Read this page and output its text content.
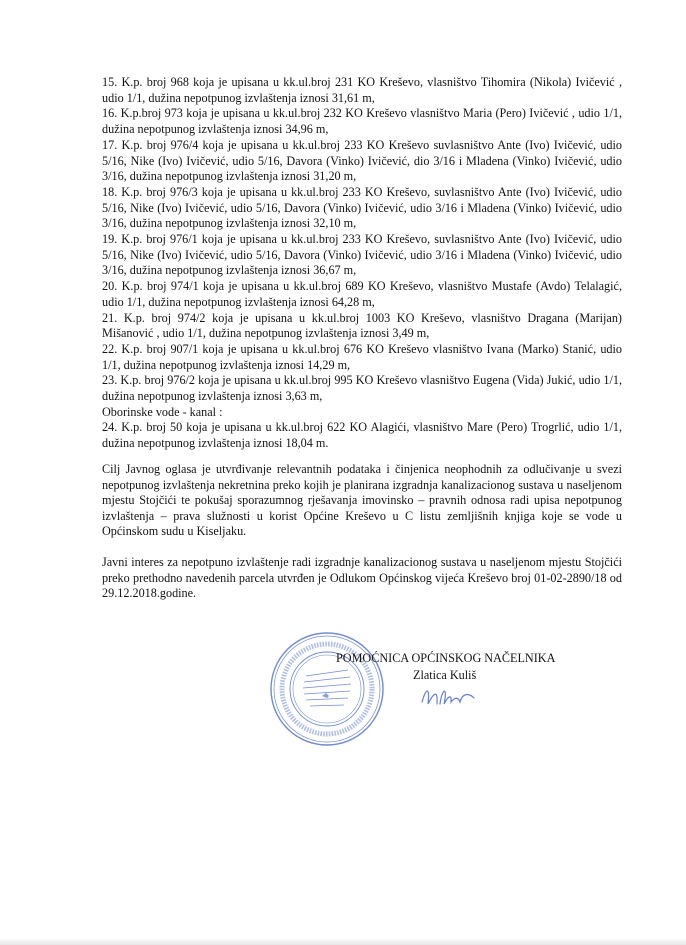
15. K.p. broj 968 koja je upisana u kk.ul.broj 231 KO Kreševo, vlasništvo Tihomira (Nikola) Ivičević , udio 1/1, dužina nepotpunog izvlaštenja iznosi 31,61 m,

16. K.p.broj 973 koja je upisana u kk.ul.broj 232 KO Kreševo vlasništvo Maria (Pero) Ivičević , udio 1/1, dužina nepotpunog izvlaštenja iznosi 34,96 m,

17. K.p. broj 976/4 koja je upisana u kk.ul.broj 233 KO Kreševo suvlasništvo Ante (Ivo) Ivičević, udio 5/16, Nike (Ivo) Ivičević, udio 5/16, Davora (Vinko) Ivičević, dio 3/16 i Mladena (Vinko) Ivičević, udio 3/16, dužina nepotpunog izvlaštenja iznosi 31,20 m,

18. K.p. broj 976/3 koja je upisana u kk.ul.broj 233 KO Kreševo, suvlasništvo Ante (Ivo) Ivičević, udio 5/16, Nike (Ivo) Ivičević, udio 5/16, Davora (Vinko) Ivičević, udio 3/16 i Mladena (Vinko) Ivičević, udio 3/16, dužina nepotpunog izvlaštenja iznosi 32,10 m,

19. K.p. broj 976/1 koja je upisana u kk.ul.broj 233 KO Kreševo, suvlasništvo Ante (Ivo) Ivičević, udio 5/16, Nike (Ivo) Ivičević, udio 5/16, Davora (Vinko) Ivičević, udio 3/16 i Mladena (Vinko) Ivičević, udio 3/16, dužina nepotpunog izvlaštenja iznosi 36,67 m,

20. K.p. broj 974/1 koja je upisana u kk.ul.broj 689 KO Kreševo, vlasništvo Mustafe (Avdo) Telalagić, udio 1/1, dužina nepotpunog izvlaštenja iznosi 64,28 m,

21. K.p. broj 974/2 koja je upisana u kk.ul.broj 1003 KO Kreševo, vlasništvo Dragana (Marijan) Mišanović , udio 1/1, dužina nepotpunog izvlaštenja iznosi 3,49 m,

22. K.p. broj 907/1 koja je upisana u kk.ul.broj 676 KO Kreševo vlasništvo Ivana (Marko) Stanić, udio 1/1, dužina nepotpunog izvlaštenja iznosi 14,29 m,

23. K.p. broj 976/2 koja je upisana u kk.ul.broj 995 KO Kreševo vlasništvo Eugena (Vida) Jukić, udio 1/1, dužina nepotpunog izvlaštenja iznosi 3,63 m,

Oborinske vode - kanal :

24. K.p. broj 50 koja je upisana u kk.ul.broj 622 KO Alagići, vlasništvo Mare (Pero) Trogrlić, udio 1/1, dužina nepotpunog izvlaštenja iznosi 18,04 m.

Cilj Javnog oglasa je utvrđivanje relevantnih podataka i činjenica neophodnih za odlučivanje u svezi nepotpunog izvlaštenja nekretnina preko kojih je planirana izgradnja kanalizacionog sustava u naseljenom mjestu Stojčići te pokušaj sporazumnog rješavanja imovinsko – pravnih odnosa radi upisa nepotpunog izvlaštenja – prava služnosti u korist Općine Kreševo u C listu zemljišnih knjiga koje se vode u Općinskom sudu u Kiseljaku.

Javni interes za nepotpuno izvlaštenje radi izgradnje kanalizacionog sustava u naseljenom mjestu Stojčići preko prethodno navedenih parcela utvrđen je Odlukom Općinskog vijeća Kreševo broj 01-02-2890/18 od 29.12.2018.godine.

POMOĆNICA OPĆINSKOG NAČELNIKA

Zlatica Kuliš
